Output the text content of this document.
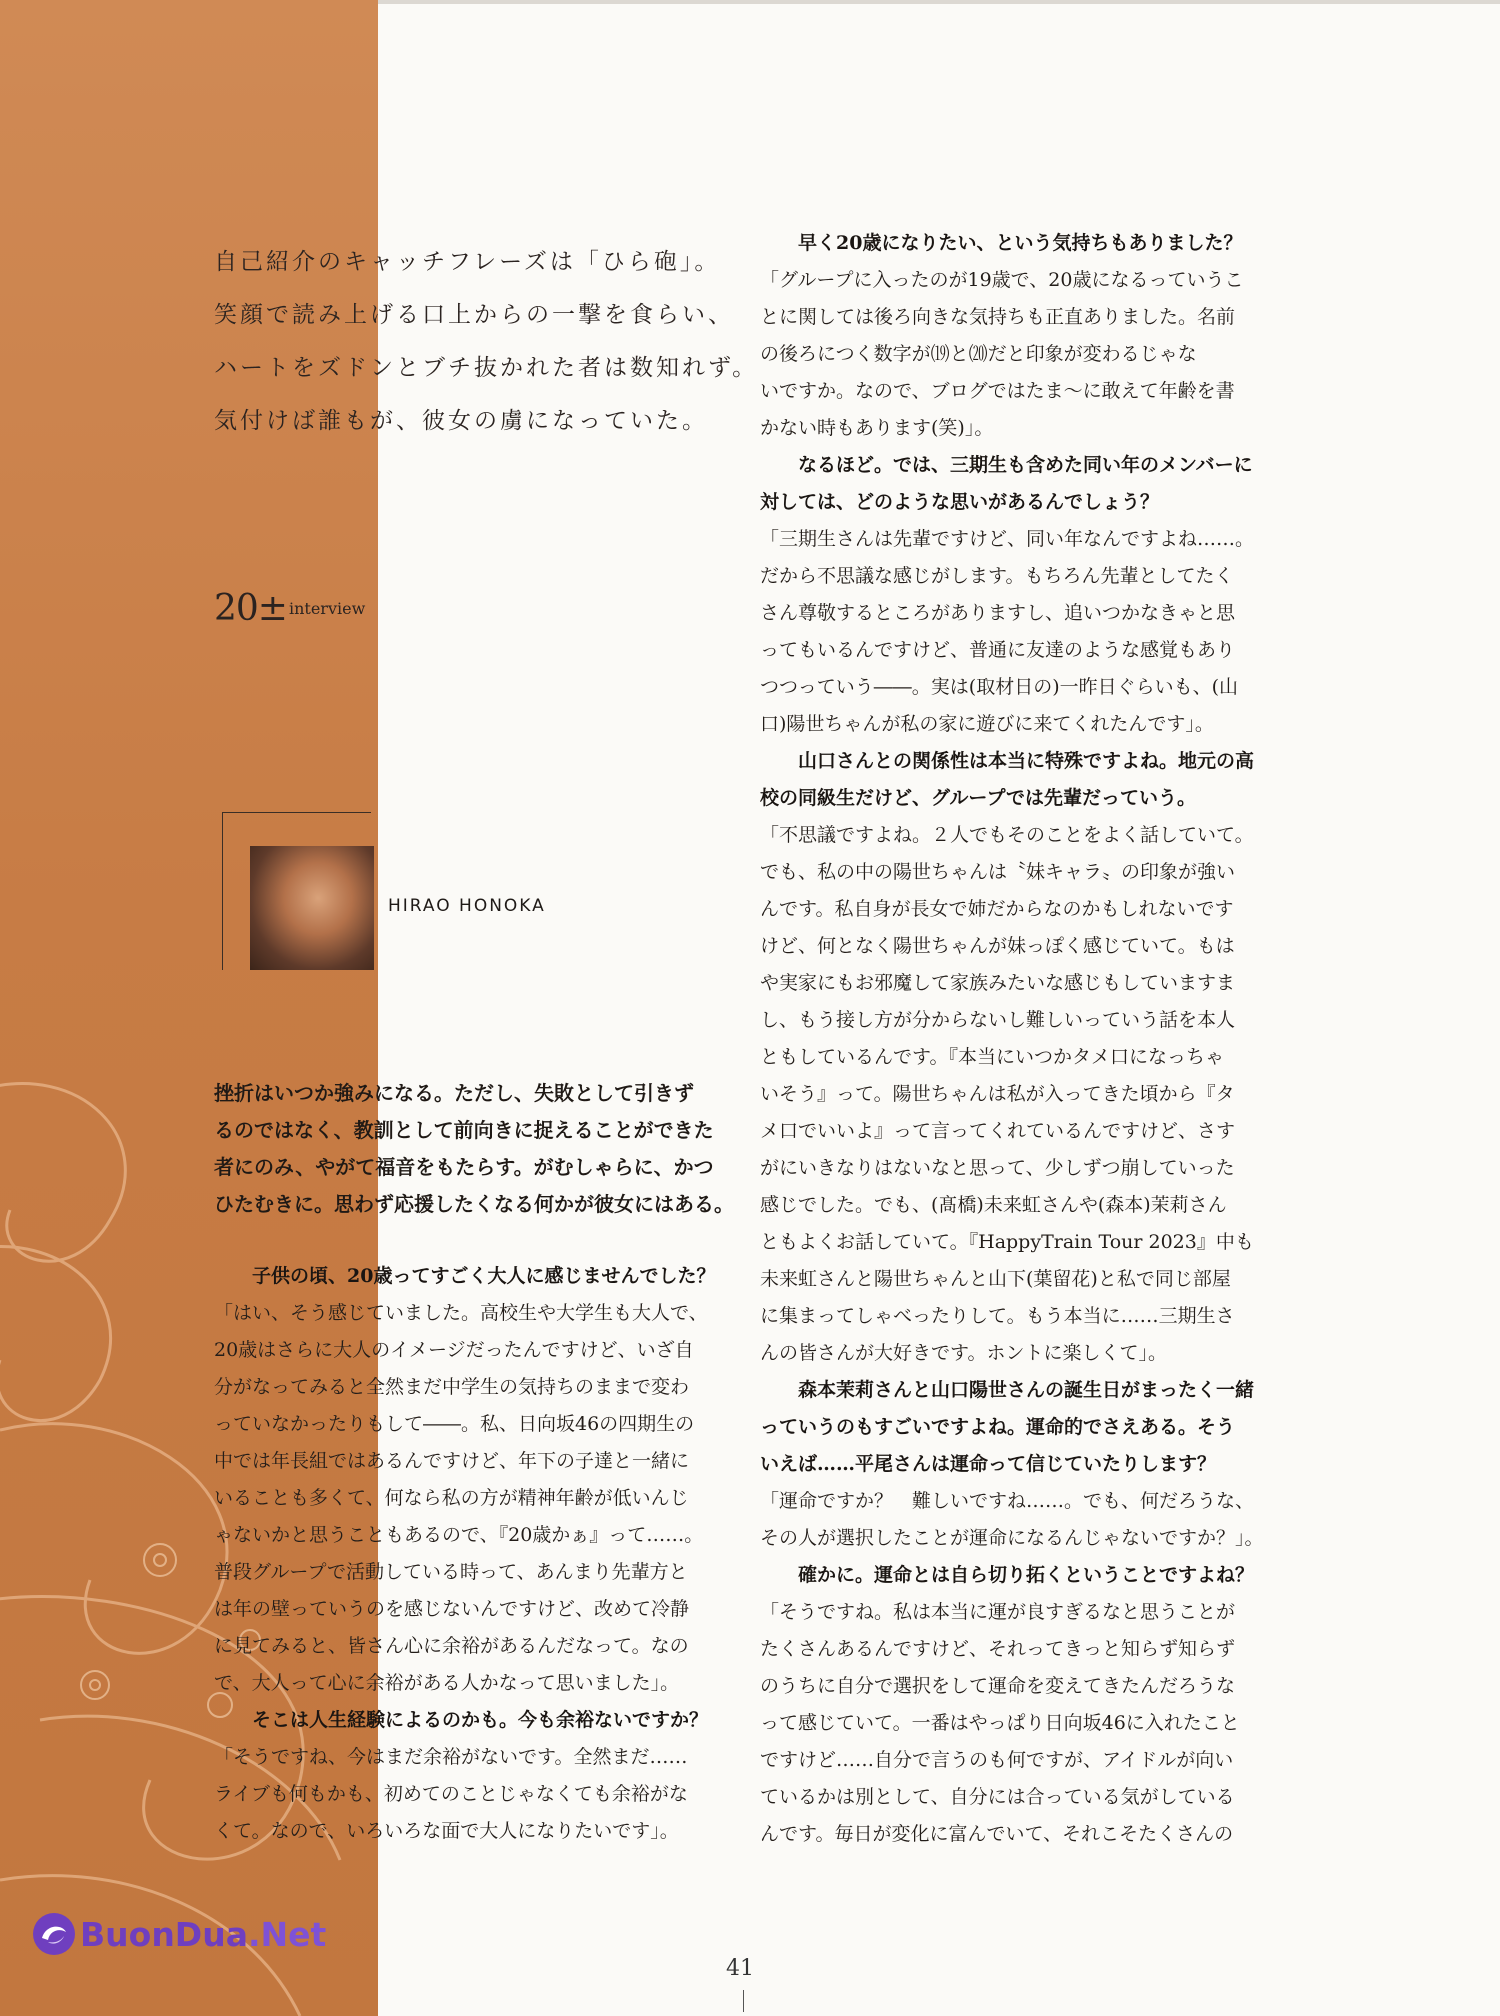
自己紹介のキャッチフレーズは「ひら砲」。
笑顔で読み上げる口上からの一撃を食らい、
ハートをズドンとブチ抜かれた者は数知れず。
気付けば誰もが、彼女の虜になっていた。
20± interview
HIRAO HONOKA
挫折はいつか強みになる。ただし、失敗として引きず
るのではなく、教訓として前向きに捉えることができた
者にのみ、やがて福音をもたらす。がむしゃらに、かつ
ひたむきに。思わず応援したくなる何かが彼女にはある。
子供の頃、20歳ってすごく大人に感じませんでした？
「はい、そう感じていました。高校生や大学生も大人で、
20歳はさらに大人のイメージだったんですけど、いざ自
分がなってみると全然まだ中学生の気持ちのままで変わ
っていなかったりもして――。私、日向坂46の四期生の
中では年長組ではあるんですけど、年下の子達と一緒に
いることも多くて、何なら私の方が精神年齢が低いんじ
ゃないかと思うこともあるので、『20歳かぁ』って……。
普段グループで活動している時って、あんまり先輩方と
は年の壁っていうのを感じないんですけど、改めて冷静
に見てみると、皆さん心に余裕があるんだなって。なの
で、大人って心に余裕がある人かなって思いました」。
そこは人生経験によるのかも。今も余裕ないですか？
「そうですね、今はまだ余裕がないです。全然まだ……
ライブも何もかも、初めてのことじゃなくても余裕がな
くて。なので、いろいろな面で大人になりたいです」。
早く20歳になりたい、という気持ちもありました？
「グループに入ったのが19歳で、20歳になるっていうこ
とに関しては後ろ向きな気持ちも正直ありました。名前
の後ろにつく数字が⒆と⒇だと印象が変わるじゃな
いですか。なので、ブログではたま～に敢えて年齢を書
かない時もあります(笑)」。
なるほど。では、三期生も含めた同い年のメンバーに
対しては、どのような思いがあるんでしょう？
「三期生さんは先輩ですけど、同い年なんですよね……。
だから不思議な感じがします。もちろん先輩としてたく
さん尊敬するところがありますし、追いつかなきゃと思
ってもいるんですけど、普通に友達のような感覚もあり
つつっていう――。実は(取材日の)一昨日ぐらいも、(山
口)陽世ちゃんが私の家に遊びに来てくれたんです」。
山口さんとの関係性は本当に特殊ですよね。地元の高
校の同級生だけど、グループでは先輩だっていう。
「不思議ですよね。２人でもそのことをよく話していて。
でも、私の中の陽世ちゃんは〝妹キャラ〟の印象が強い
んです。私自身が長女で姉だからなのかもしれないです
けど、何となく陽世ちゃんが妹っぽく感じていて。もは
や実家にもお邪魔して家族みたいな感じもしていますま
し、もう接し方が分からないし難しいっていう話を本人
ともしているんです。『本当にいつかタメ口になっちゃ
いそう』って。陽世ちゃんは私が入ってきた頃から『タ
メ口でいいよ』って言ってくれているんですけど、さす
がにいきなりはないなと思って、少しずつ崩していった
感じでした。でも、(髙橋)未来虹さんや(森本)茉莉さん
ともよくお話していて。『HappyTrain Tour 2023』中も
未来虹さんと陽世ちゃんと山下(葉留花)と私で同じ部屋
に集まってしゃべったりして。もう本当に……三期生さ
んの皆さんが大好きです。ホントに楽しくて」。
森本茉莉さんと山口陽世さんの誕生日がまったく一緒
っていうのもすごいですよね。運命的でさえある。そう
いえば……平尾さんは運命って信じていたりします？
「運命ですか？　難しいですね……。でも、何だろうな、
その人が選択したことが運命になるんじゃないですか？」。
確かに。運命とは自ら切り拓くということですよね？
「そうですね。私は本当に運が良すぎるなと思うことが
たくさんあるんですけど、それってきっと知らず知らず
のうちに自分で選択をして運命を変えてきたんだろうな
って感じていて。一番はやっぱり日向坂46に入れたこと
ですけど……自分で言うのも何ですが、アイドルが向い
ているかは別として、自分には合っている気がしている
んです。毎日が変化に富んでいて、それこそたくさんの
41
BuonDua.Net
